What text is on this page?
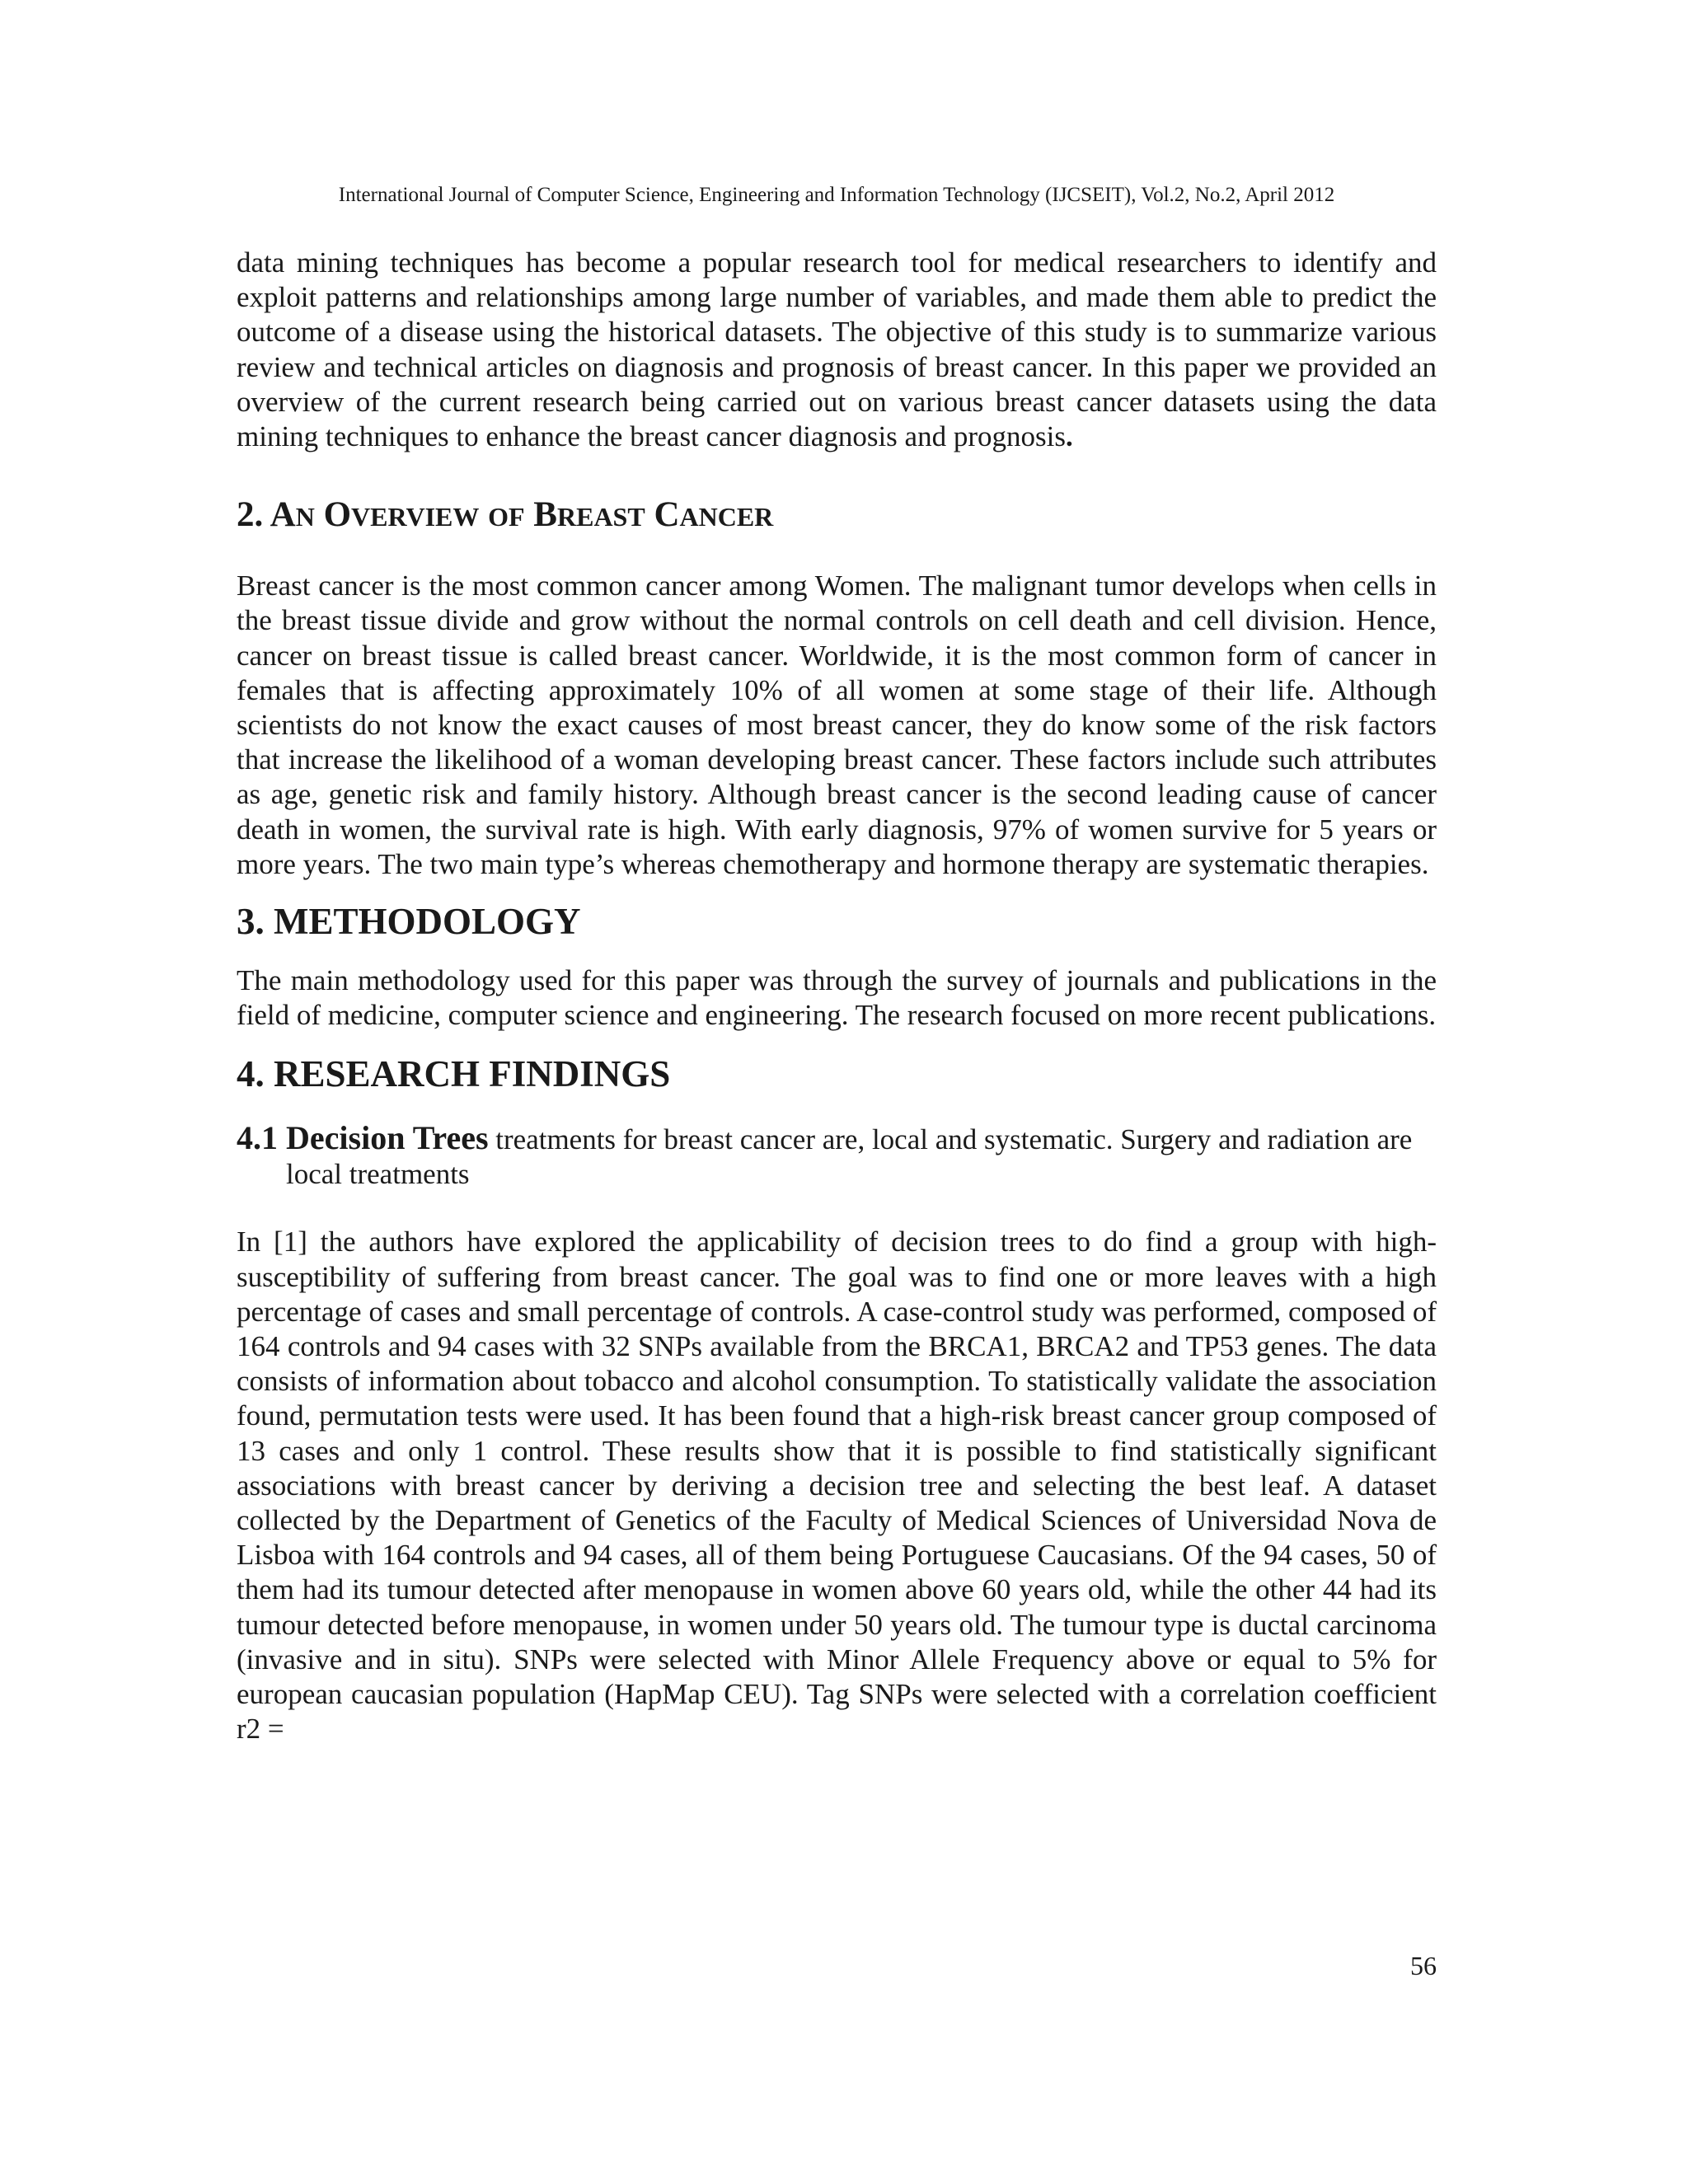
International Journal of Computer Science, Engineering and Information Technology (IJCSEIT), Vol.2, No.2, April 2012

data mining techniques has become a popular research tool for medical researchers to identify and exploit patterns and relationships among large number of variables, and made them able to predict the outcome of a disease using the historical datasets. The objective of this study is to summarize various review and technical articles on diagnosis and prognosis of breast cancer. In this paper we provided an overview of the current research being carried out on various breast cancer datasets using the data mining techniques to enhance the breast cancer diagnosis and prognosis.

2. AN OVERVIEW OF BREAST CANCER

Breast cancer is the most common cancer among Women. The malignant tumor develops when cells in the breast tissue divide and grow without the normal controls on cell death and cell division. Hence, cancer on breast tissue is called breast cancer. Worldwide, it is the most common form of cancer in females that is affecting approximately 10% of all women at some stage of their life. Although scientists do not know the exact causes of most breast cancer, they do know some of the risk factors that increase the likelihood of a woman developing breast cancer. These factors include such attributes as age, genetic risk and family history. Although breast cancer is the second leading cause of cancer death in women, the survival rate is high. With early diagnosis, 97% of women survive for 5 years or more years. The two main type’s whereas chemotherapy and hormone therapy are systematic therapies.

3. METHODOLOGY

The main methodology used for this paper was through the survey of journals and publications in the field of medicine, computer science and engineering. The research focused on more recent publications.

4. RESEARCH FINDINGS

4.1 Decision Trees treatments for breast cancer are, local and systematic. Surgery and radiation are local treatments

In [1] the authors have explored the applicability of decision trees to do find a group with high-susceptibility of suffering from breast cancer. The goal was to find one or more leaves with a high percentage of cases and small percentage of controls. A case-control study was performed, composed of 164 controls and 94 cases with 32 SNPs available from the BRCA1, BRCA2 and TP53 genes. The data consists of information about tobacco and alcohol consumption. To statistically validate the association found, permutation tests were used. It has been found that a high-risk breast cancer group composed of 13 cases and only 1 control. These results show that it is possible to find statistically significant associations with breast cancer by deriving a decision tree and selecting the best leaf. A dataset collected by the Department of Genetics of the Faculty of Medical Sciences of Universidad Nova de Lisboa with 164 controls and 94 cases, all of them being Portuguese Caucasians. Of the 94 cases, 50 of them had its tumour detected after menopause in women above 60 years old, while the other 44 had its tumour detected before menopause, in women under 50 years old. The tumour type is ductal carcinoma (invasive and in situ). SNPs were selected with Minor Allele Frequency above or equal to 5% for european caucasian population (HapMap CEU). Tag SNPs were selected with a correlation coefficient r2 =

56
